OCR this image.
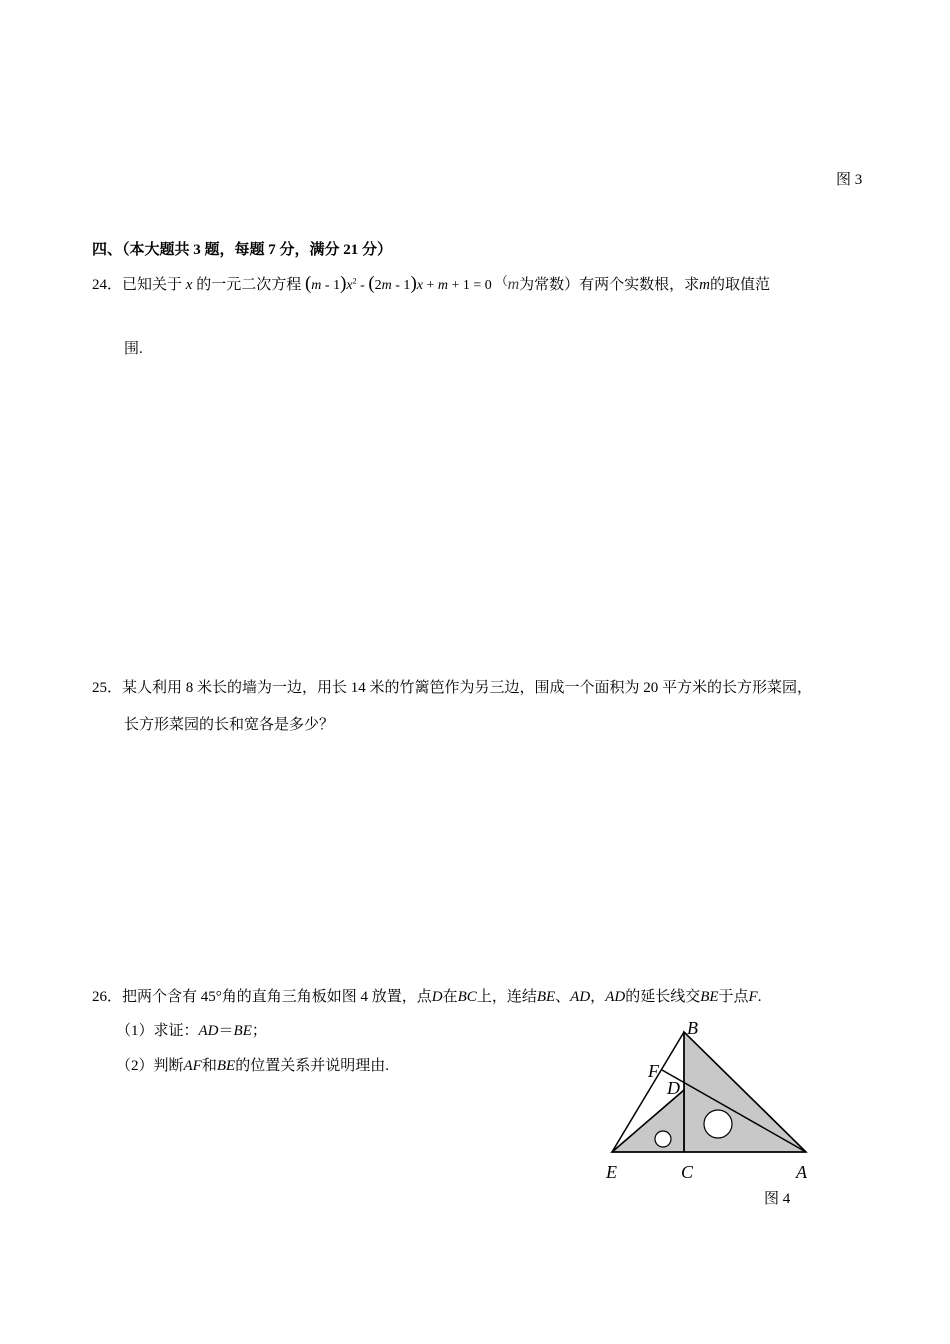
图 3
四、（本大题共 3 题，每题 7 分，满分 21 分）
24．已知关于 x 的一元二次方程 $(m - 1)x^2 - (2m - 1)x + m + 1 = 0$ （m为常数）有两个实数根，求m的取值范
围.
25．某人利用 8 米长的墙为一边，用长 14 米的竹篱笆作为另三边，围成一个面积为 20 平方米的长方形菜园，
长方形菜园的长和宽各是多少？
26．把两个含有 45°角的直角三角板如图 4 放置，点D在BC上，连结BE、AD，AD的延长线交BE于点F.
（1）求证：AD＝BE；
（2）判断AF和BE的位置关系并说明理由.
B
F
D
E	C	A
图 4
